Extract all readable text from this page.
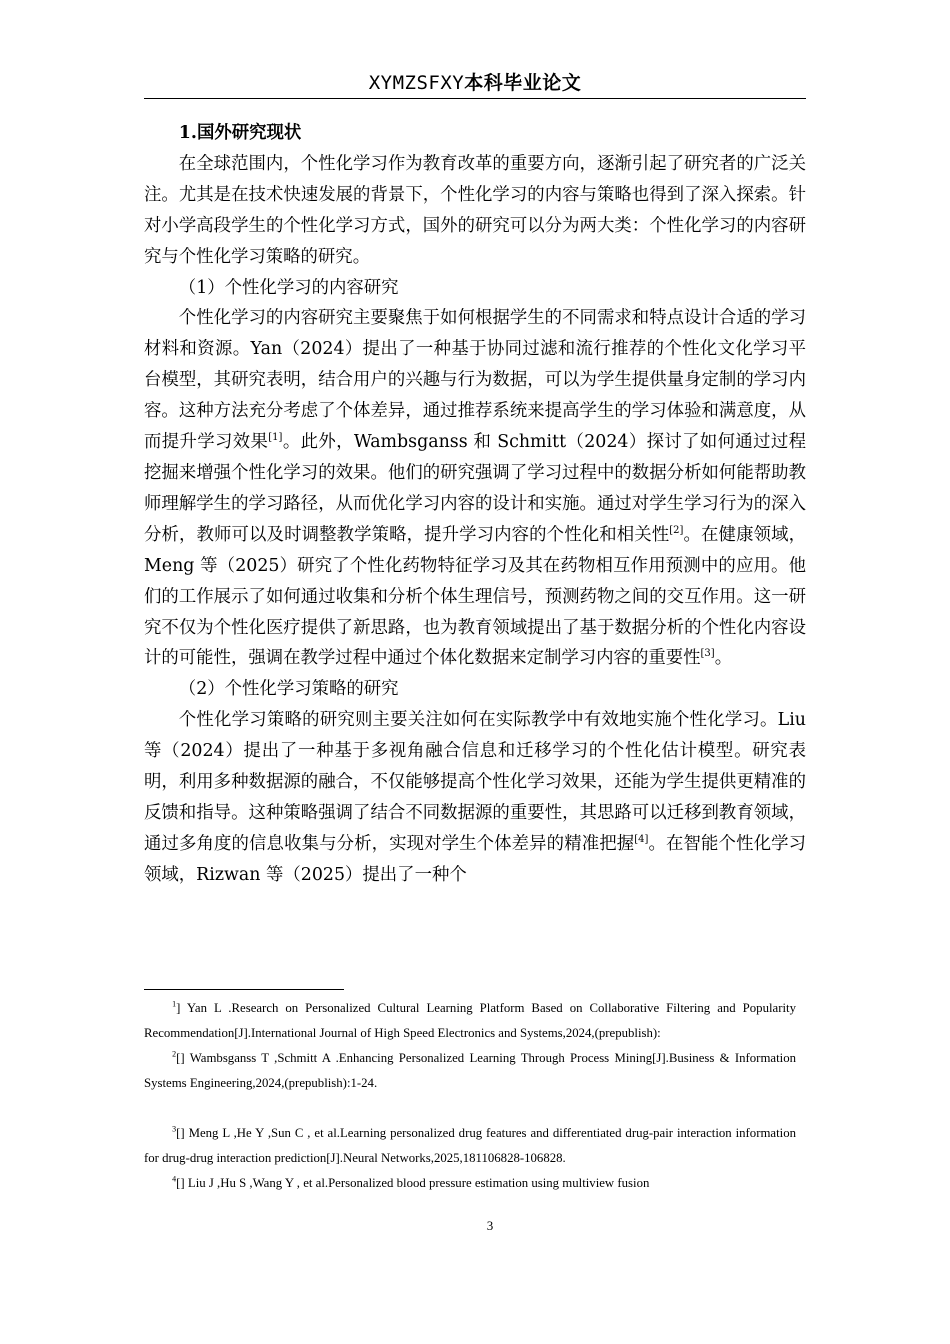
XYMZSFXY本科毕业论文

1.国外研究现状

在全球范围内，个性化学习作为教育改革的重要方向，逐渐引起了研究者的广泛关注。尤其是在技术快速发展的背景下，个性化学习的内容与策略也得到了深入探索。针对小学高段学生的个性化学习方式，国外的研究可以分为两大类：个性化学习的内容研究与个性化学习策略的研究。

（1）个性化学习的内容研究

个性化学习的内容研究主要聚焦于如何根据学生的不同需求和特点设计合适的学习材料和资源。Yan（2024）提出了一种基于协同过滤和流行推荐的个性化文化学习平台模型，其研究表明，结合用户的兴趣与行为数据，可以为学生提供量身定制的学习内容。这种方法充分考虑了个体差异，通过推荐系统来提高学生的学习体验和满意度，从而提升学习效果[1]。此外，Wambsganss 和 Schmitt（2024）探讨了如何通过过程挖掘来增强个性化学习的效果。他们的研究强调了学习过程中的数据分析如何能帮助教师理解学生的学习路径，从而优化学习内容的设计和实施。通过对学生学习行为的深入分析，教师可以及时调整教学策略，提升学习内容的个性化和相关性[2]。在健康领域，Meng 等（2025）研究了个性化药物特征学习及其在药物相互作用预测中的应用。他们的工作展示了如何通过收集和分析个体生理信号，预测药物之间的交互作用。这一研究不仅为个性化医疗提供了新思路，也为教育领域提出了基于数据分析的个性化内容设计的可能性，强调在教学过程中通过个体化数据来定制学习内容的重要性[3]。

（2）个性化学习策略的研究

个性化学习策略的研究则主要关注如何在实际教学中有效地实施个性化学习。Liu 等（2024）提出了一种基于多视角融合信息和迁移学习的个性化估计模型。研究表明，利用多种数据源的融合，不仅能够提高个性化学习效果，还能为学生提供更精准的反馈和指导。这种策略强调了结合不同数据源的重要性，其思路可以迁移到教育领域，通过多角度的信息收集与分析，实现对学生个体差异的精准把握[4]。在智能个性化学习领域，Rizwan 等（2025）提出了一种个

$^1$] Yan L .Research on Personalized Cultural Learning Platform Based on Collaborative Filtering and Popularity Recommendation[J].International Journal of High Speed Electronics and Systems,2024,(prepublish):

$^2$[] Wambsganss T ,Schmitt A .Enhancing Personalized Learning Through Process Mining[J].Business & Information Systems Engineering,2024,(prepublish):1-24.

$^3$[] Meng L ,He Y ,Sun C , et al.Learning personalized drug features and differentiated drug-pair interaction information for drug‑drug interaction prediction[J].Neural Networks,2025,181106828-106828.

$^4$[] Liu J ,Hu S ,Wang Y , et al.Personalized blood pressure estimation using multiview fusion

3
